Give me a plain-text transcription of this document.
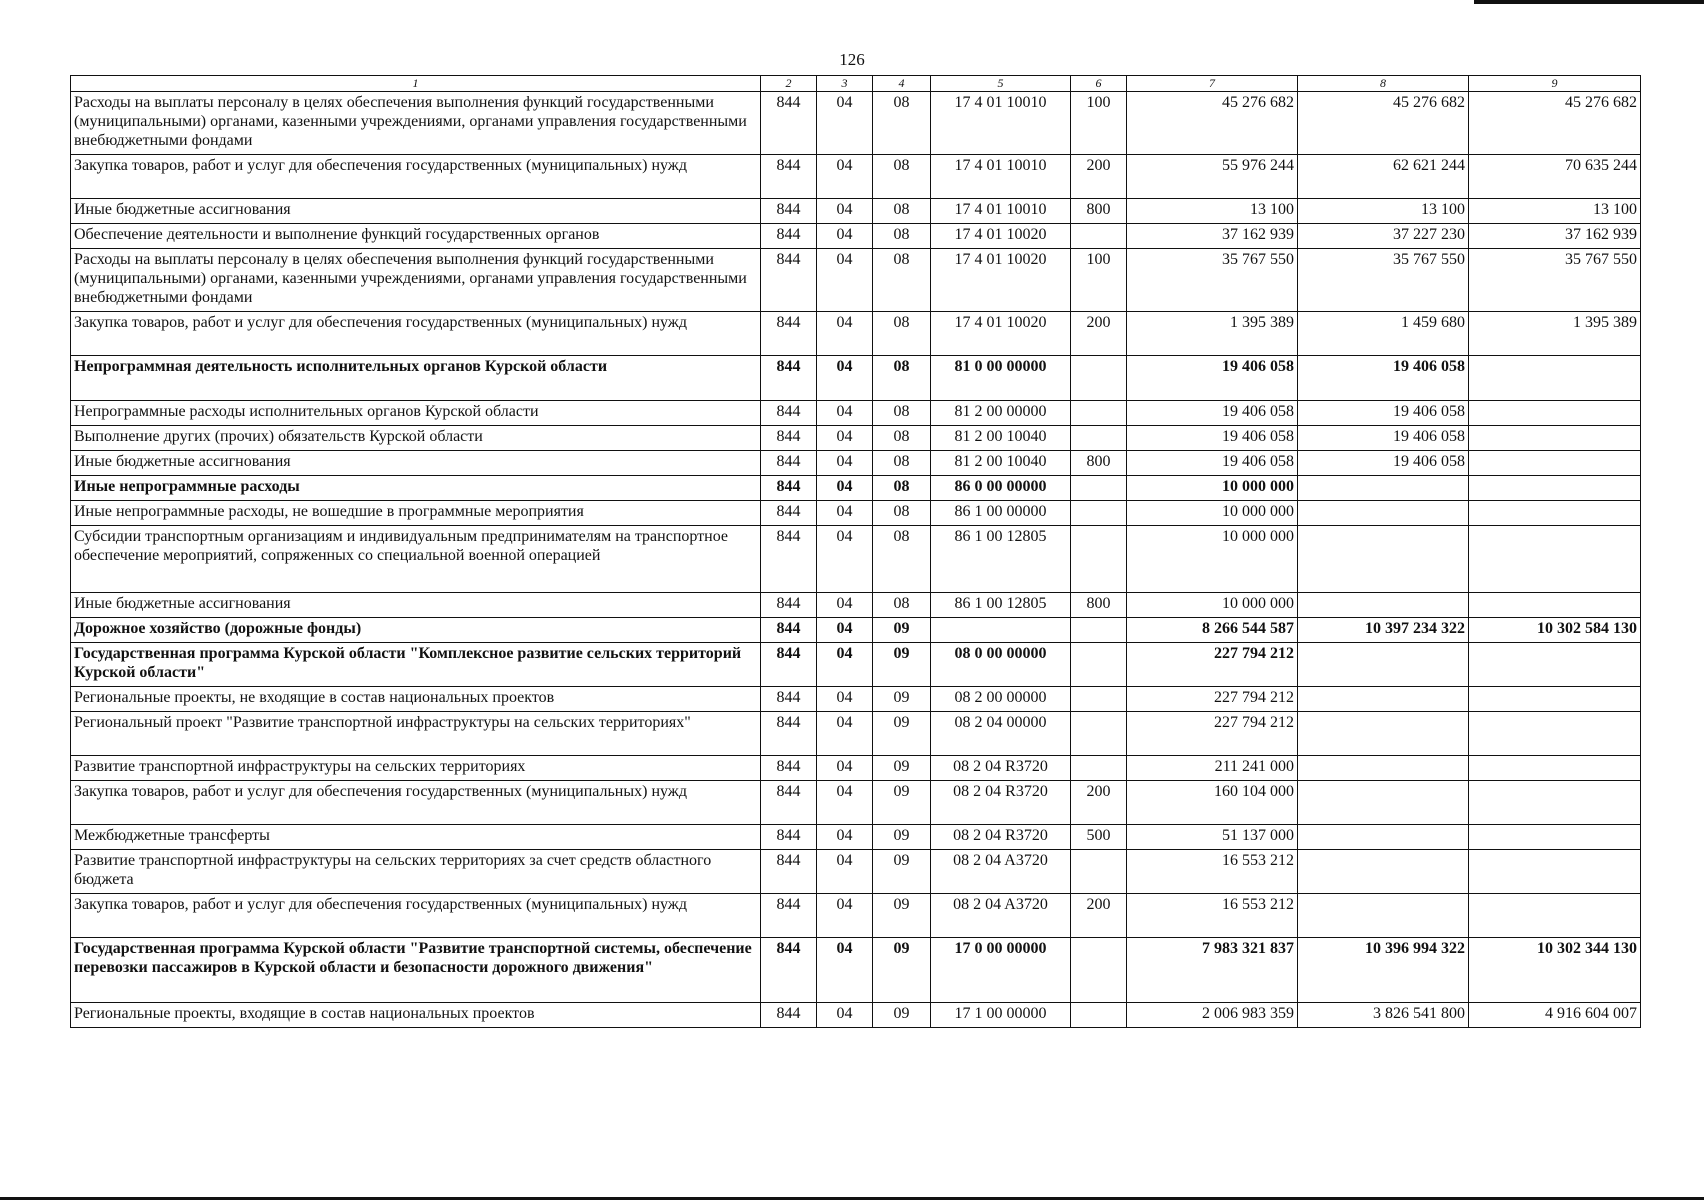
126
1	2	3	4	5	6	7	8	9
Расходы на выплаты персоналу в целях обеспечения выполнения функций государственными (муниципальными) органами, казенными учреждениями, органами управления государственными внебюджетными фондами	844	04	08	17 4 01 10010	100	45 276 682	45 276 682	45 276 682
Закупка товаров, работ и услуг для обеспечения государственных (муниципальных) нужд	844	04	08	17 4 01 10010	200	55 976 244	62 621 244	70 635 244
Иные бюджетные ассигнования	844	04	08	17 4 01 10010	800	13 100	13 100	13 100
Обеспечение деятельности и выполнение функций государственных органов	844	04	08	17 4 01 10020		37 162 939	37 227 230	37 162 939
Расходы на выплаты персоналу в целях обеспечения выполнения функций государственными (муниципальными) органами, казенными учреждениями, органами управления государственными внебюджетными фондами	844	04	08	17 4 01 10020	100	35 767 550	35 767 550	35 767 550
Закупка товаров, работ и услуг для обеспечения государственных (муниципальных) нужд	844	04	08	17 4 01 10020	200	1 395 389	1 459 680	1 395 389
Непрограммная деятельность исполнительных органов Курской области	844	04	08	81 0 00 00000		19 406 058	19 406 058	
Непрограммные расходы исполнительных органов Курской области	844	04	08	81 2 00 00000		19 406 058	19 406 058	
Выполнение других (прочих) обязательств Курской области	844	04	08	81 2 00 10040		19 406 058	19 406 058	
Иные бюджетные ассигнования	844	04	08	81 2 00 10040	800	19 406 058	19 406 058	
Иные непрограммные расходы	844	04	08	86 0 00 00000		10 000 000		
Иные непрограммные расходы, не вошедшие в программные мероприятия	844	04	08	86 1 00 00000		10 000 000		
Субсидии транспортным организациям и индивидуальным предпринимателям на транспортное обеспечение мероприятий, сопряженных со специальной военной операцией	844	04	08	86 1 00 12805		10 000 000		
Иные бюджетные ассигнования	844	04	08	86 1 00 12805	800	10 000 000		
Дорожное хозяйство (дорожные фонды)	844	04	09			8 266 544 587	10 397 234 322	10 302 584 130
Государственная программа Курской области "Комплексное развитие сельских территорий Курской области"	844	04	09	08 0 00 00000		227 794 212		
Региональные проекты, не входящие в состав национальных проектов	844	04	09	08 2 00 00000		227 794 212		
Региональный проект "Развитие транспортной инфраструктуры на сельских территориях"	844	04	09	08 2 04 00000		227 794 212		
Развитие транспортной инфраструктуры на сельских территориях	844	04	09	08 2 04 R3720		211 241 000		
Закупка товаров, работ и услуг для обеспечения государственных (муниципальных) нужд	844	04	09	08 2 04 R3720	200	160 104 000		
Межбюджетные трансферты	844	04	09	08 2 04 R3720	500	51 137 000		
Развитие транспортной инфраструктуры на сельских территориях за счет средств областного бюджета	844	04	09	08 2 04 A3720		16 553 212		
Закупка товаров, работ и услуг для обеспечения государственных (муниципальных) нужд	844	04	09	08 2 04 A3720	200	16 553 212		
Государственная программа Курской области "Развитие транспортной системы, обеспечение перевозки пассажиров в Курской области и безопасности дорожного движения"	844	04	09	17 0 00 00000		7 983 321 837	10 396 994 322	10 302 344 130
Региональные проекты, входящие в состав национальных проектов	844	04	09	17 1 00 00000		2 006 983 359	3 826 541 800	4 916 604 007
